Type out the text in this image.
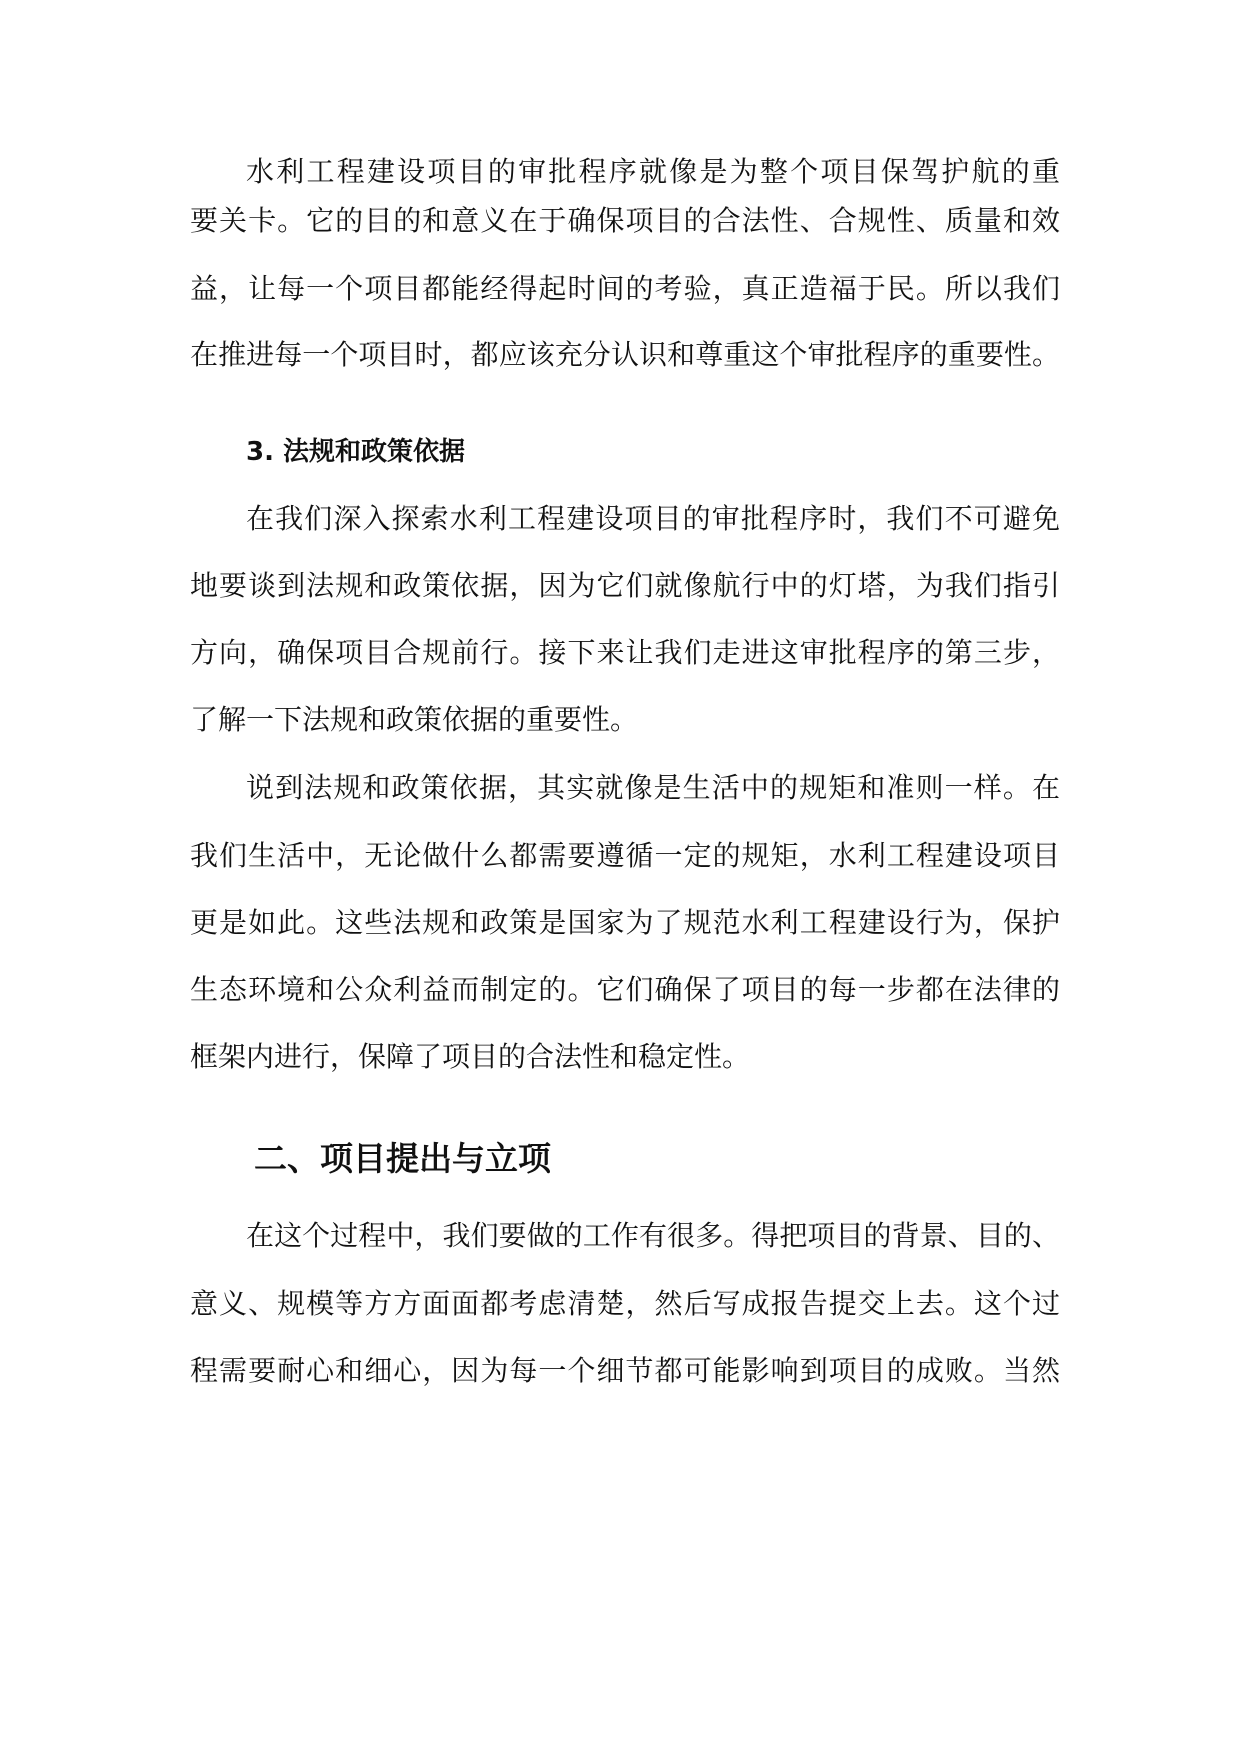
水利工程建设项目的审批程序就像是为整个项目保驾护航的重
要关卡。它的目的和意义在于确保项目的合法性、合规性、质量和效
益，让每一个项目都能经得起时间的考验，真正造福于民。所以我们
在推进每一个项目时，都应该充分认识和尊重这个审批程序的重要性。
3. 法规和政策依据
在我们深入探索水利工程建设项目的审批程序时，我们不可避免
地要谈到法规和政策依据，因为它们就像航行中的灯塔，为我们指引
方向，确保项目合规前行。接下来让我们走进这审批程序的第三步，
了解一下法规和政策依据的重要性。
说到法规和政策依据，其实就像是生活中的规矩和准则一样。在
我们生活中，无论做什么都需要遵循一定的规矩，水利工程建设项目
更是如此。这些法规和政策是国家为了规范水利工程建设行为，保护
生态环境和公众利益而制定的。它们确保了项目的每一步都在法律的
框架内进行，保障了项目的合法性和稳定性。
二、项目提出与立项
在这个过程中，我们要做的工作有很多。得把项目的背景、目的、
意义、规模等方方面面都考虑清楚，然后写成报告提交上去。这个过
程需要耐心和细心，因为每一个细节都可能影响到项目的成败。当然
